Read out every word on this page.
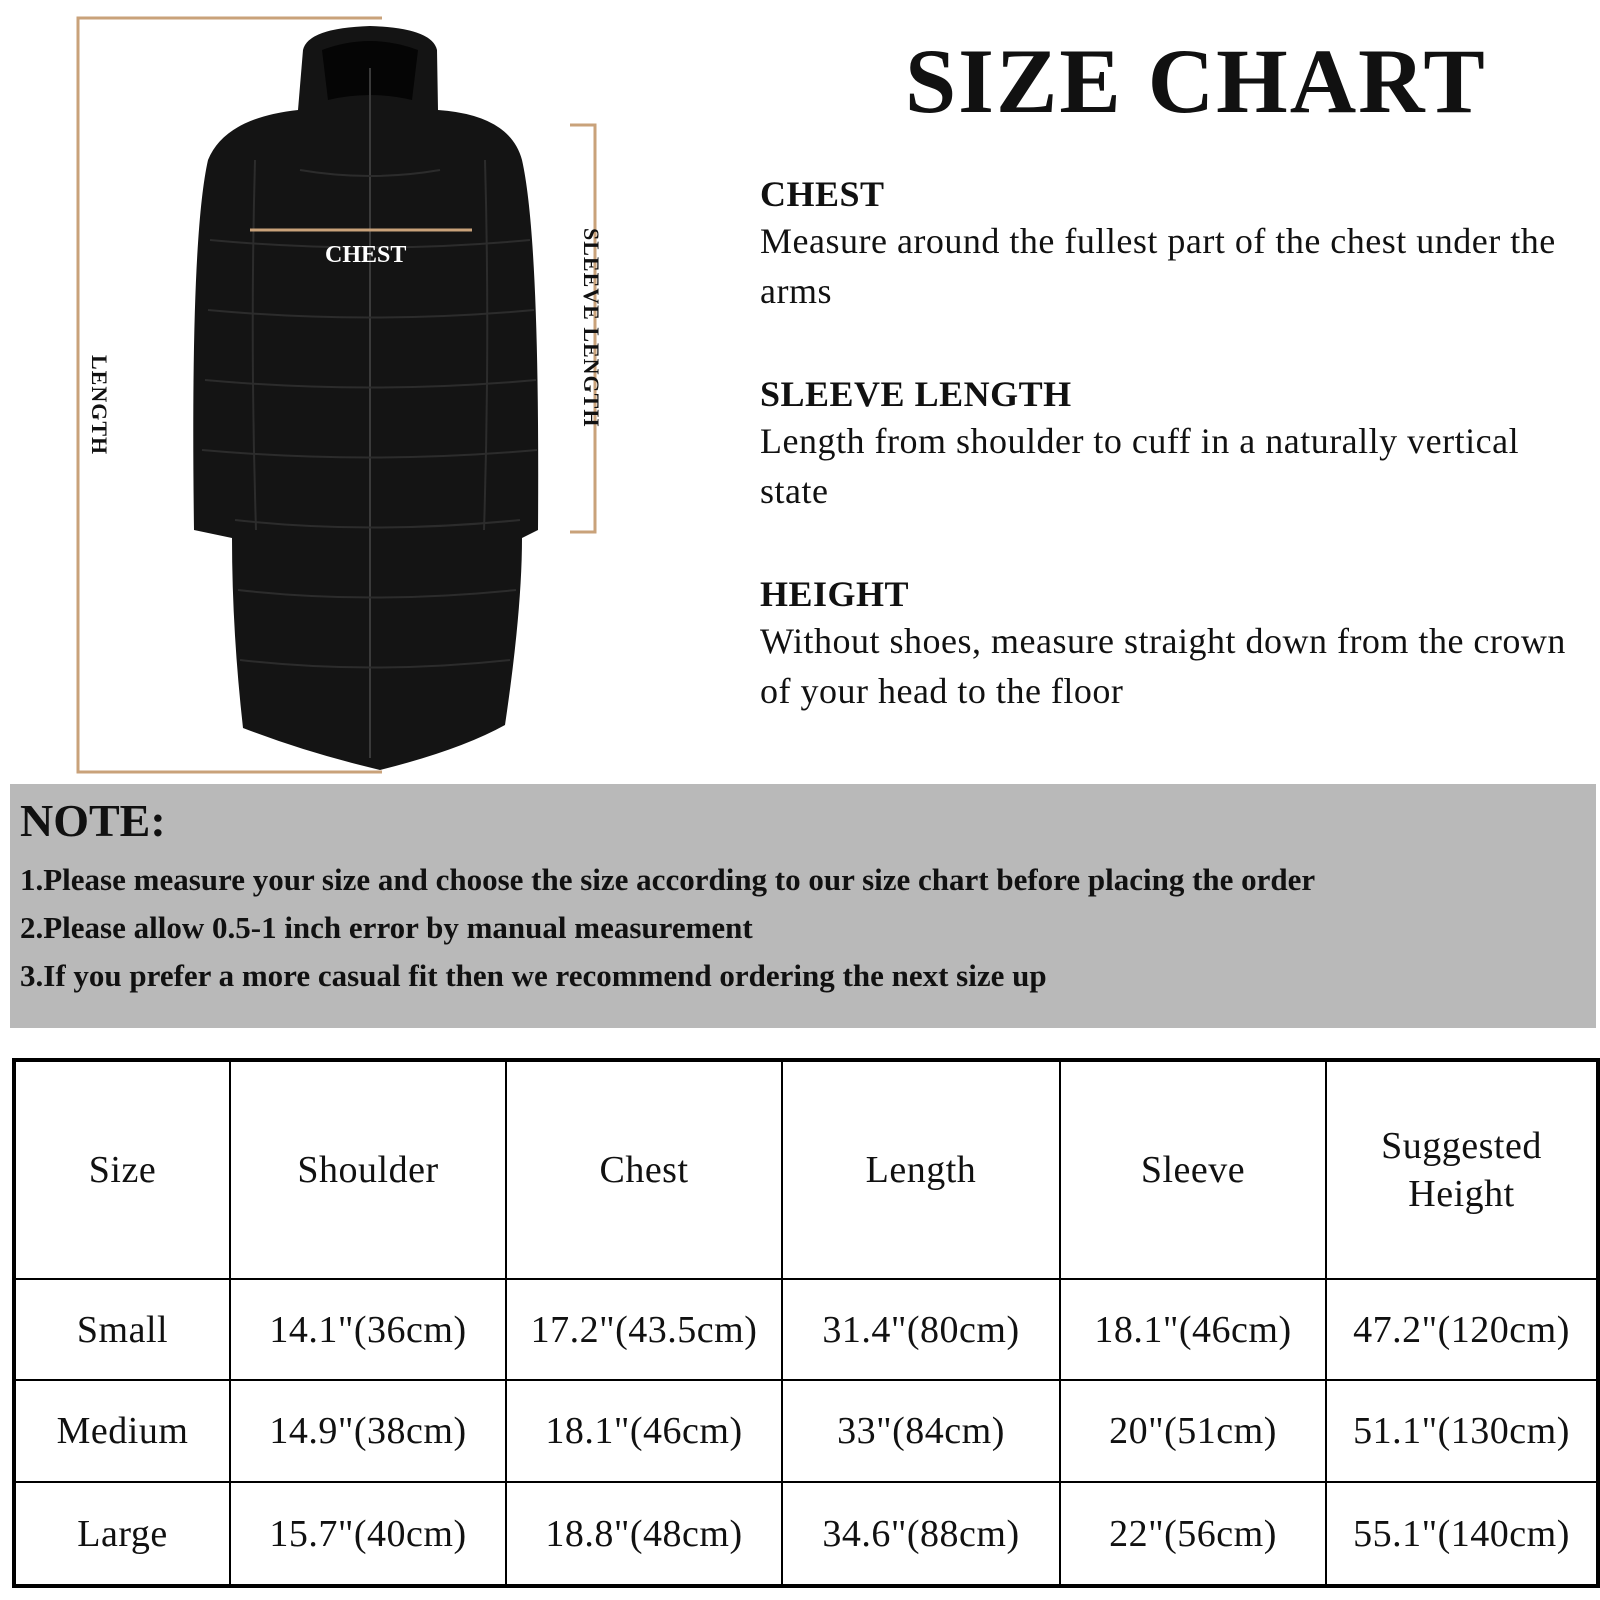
CHEST
LENGTH	SLEEVE LENGTH
SIZE CHART
CHEST
Measure around the fullest part of the chest under the arms
SLEEVE LENGTH
Length from shoulder to cuff in a naturally vertical state
HEIGHT
Without shoes, measure straight down from the crown of your head to the floor
NOTE:
1.Please measure your size and choose the size according to our size chart before placing the order
2.Please allow 0.5-1 inch error by manual measurement
3.If you prefer a more casual fit then we recommend ordering the next size up
Size	Shoulder	Chest	Length	Sleeve	Suggested Height
Small	14.1"(36cm)	17.2"(43.5cm)	31.4"(80cm)	18.1"(46cm)	47.2"(120cm)
Medium	14.9"(38cm)	18.1"(46cm)	33"(84cm)	20"(51cm)	51.1"(130cm)
Large	15.7"(40cm)	18.8"(48cm)	34.6"(88cm)	22"(56cm)	55.1"(140cm)
